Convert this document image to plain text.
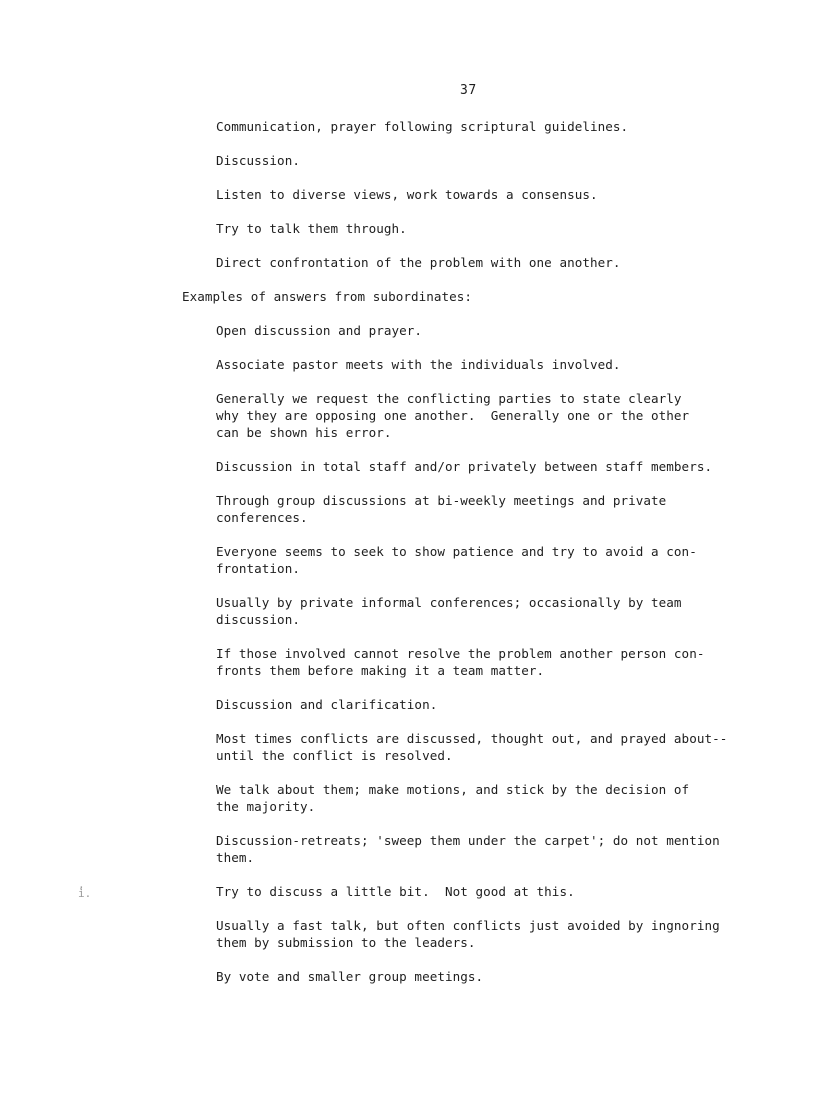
37
,
i.
Communication, prayer following scriptural guidelines.
Discussion.
Listen to diverse views, work towards a consensus.
Try to talk them through.
Direct confrontation of the problem with one another.
Examples of answers from subordinates:
Open discussion and prayer.
Associate pastor meets with the individuals involved.
Generally we request the conflicting parties to state clearly
why they are opposing one another.  Generally one or the other
can be shown his error.
Discussion in total staff and/or privately between staff members.
Through group discussions at bi-weekly meetings and private
conferences.
Everyone seems to seek to show patience and try to avoid a con-
frontation.
Usually by private informal conferences; occasionally by team
discussion.
If those involved cannot resolve the problem another person con-
fronts them before making it a team matter.
Discussion and clarification.
Most times conflicts are discussed, thought out, and prayed about--
until the conflict is resolved.
We talk about them; make motions, and stick by the decision of
the majority.
Discussion-retreats; 'sweep them under the carpet'; do not mention
them.
Try to discuss a little bit.  Not good at this.
Usually a fast talk, but often conflicts just avoided by ingnoring
them by submission to the leaders.
By vote and smaller group meetings.
